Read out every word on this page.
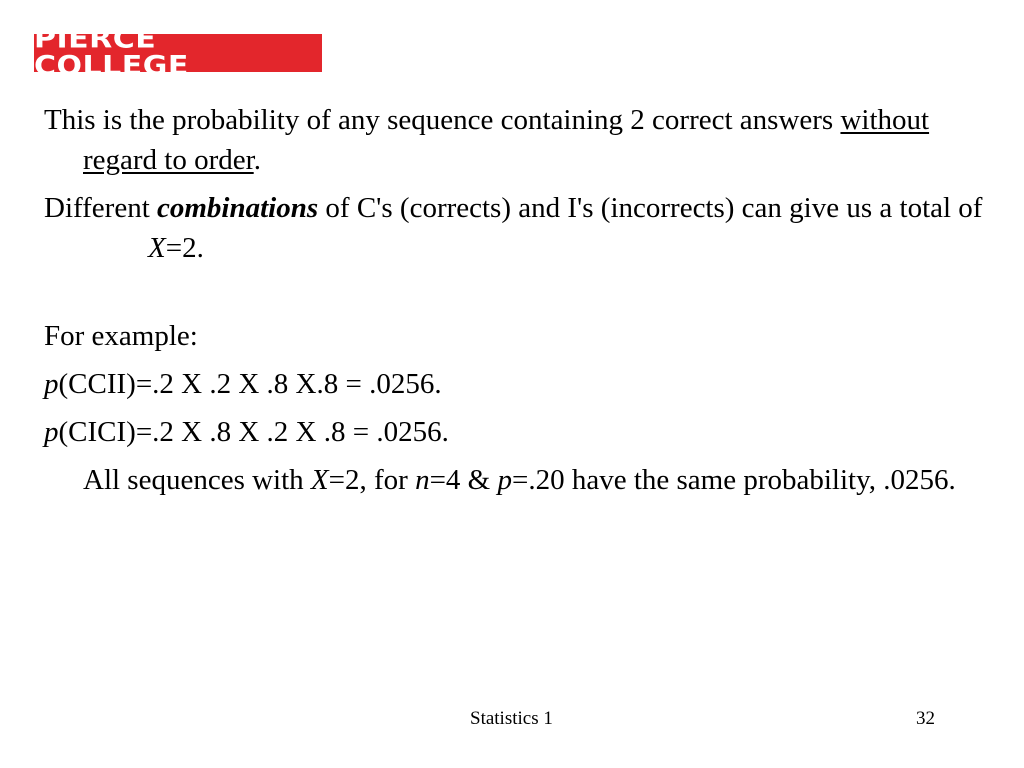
PIERCE COLLEGE

This is the probability of any sequence containing 2 correct answers without regard to order.

Different combinations of C's (corrects) and I's (incorrects) can give us a total of X=2.

For example:

p(CCII)=.2 X .2 X .8 X.8 = .0256.

p(CICI)=.2 X .8 X .2 X .8 = .0256.

All sequences with X=2, for n=4 & p=.20 have the same probability, .0256.

Statistics 1	32
